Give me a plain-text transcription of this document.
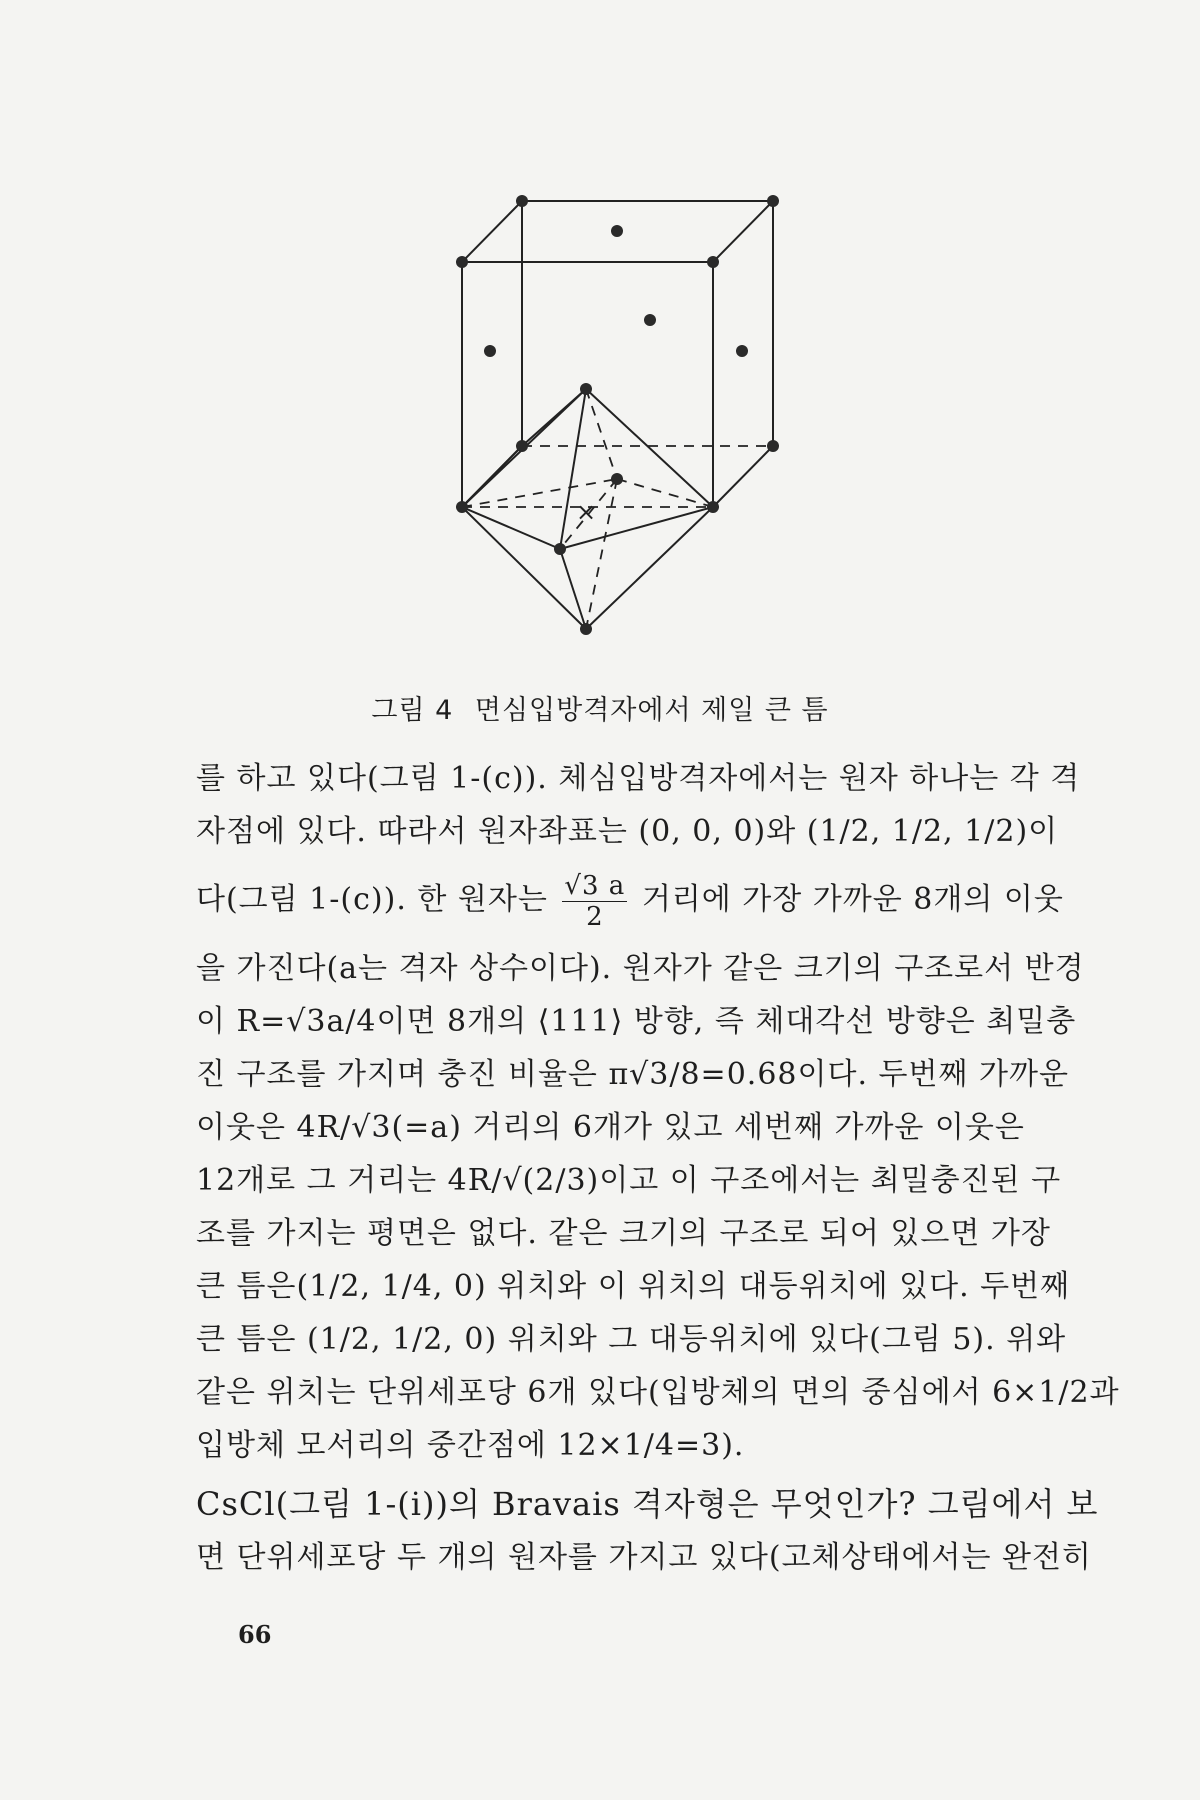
×
그림 4 면심입방격자에서 제일 큰 틈
를 하고 있다(그림 1-(c)). 체심입방격자에서는 원자 하나는 각 격
자점에 있다. 따라서 원자좌표는 (0, 0, 0)와 (1/2, 1/2, 1/2)이
다(그림 1-(c)). 한 원자는 $\frac{√3 a}{2}$ 거리에 가장 가까운 8개의 이웃
을 가진다(a는 격자 상수이다). 원자가 같은 크기의 구조로서 반경
이 R=√3a/4이면 8개의 ⟨111⟩ 방향, 즉 체대각선 방향은 최밀충
진 구조를 가지며 충진 비율은 π√3/8=0.68이다. 두번째 가까운
이웃은 4R/√3(=a) 거리의 6개가 있고 세번째 가까운 이웃은
12개로 그 거리는 4R/√(2/3)이고 이 구조에서는 최밀충진된 구
조를 가지는 평면은 없다. 같은 크기의 구조로 되어 있으면 가장
큰 틈은(1/2, 1/4, 0) 위치와 이 위치의 대등위치에 있다. 두번째
큰 틈은 (1/2, 1/2, 0) 위치와 그 대등위치에 있다(그림 5). 위와
같은 위치는 단위세포당 6개 있다(입방체의 면의 중심에서 6×1/2과
입방체 모서리의 중간점에 12×1/4=3).
CsCl(그림 1-(i))의 Bravais 격자형은 무엇인가? 그림에서 보
면 단위세포당 두 개의 원자를 가지고 있다(고체상태에서는 완전히
66
